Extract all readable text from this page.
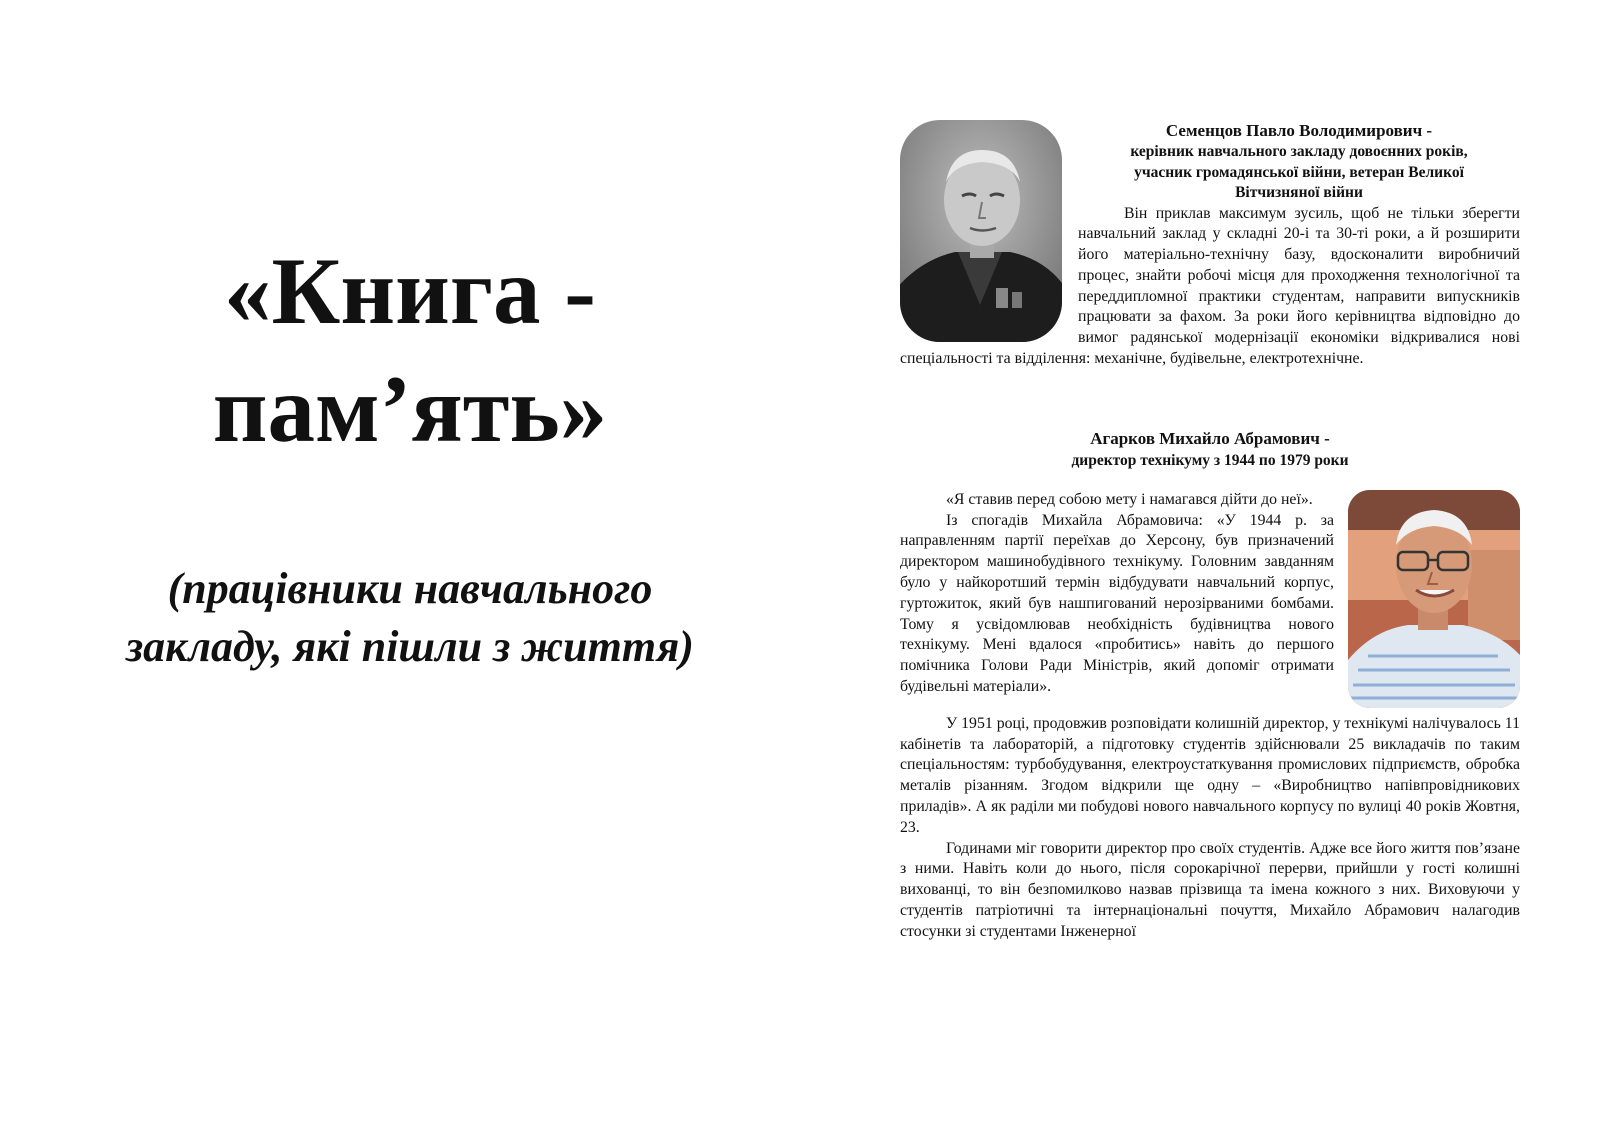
«Книга -
пам’ять»

(працівники навчального
закладу, які пішли з життя)

Семенцов Павло Володимирович -

керівник навчального закладу довоєнних років,
учасник громадянської війни, ветеран Великої
Вітчизняної війни

Він приклав максимум зусиль, щоб не тільки зберегти навчальний заклад у складні 20-і та 30-ті роки, а й розширити його матеріально-технічну базу, вдосконалити виробничий процес, знайти робочі місця для проходження технологічної та переддипломної практики студентам, направити випускників працювати за фахом. За роки його керівництва відповідно до вимог радянської модернізації економіки відкривалися нові спеціальності та відділення: механічне, будівельне, електротехнічне.

Агарков Михайло Абрамович -

директор технікуму з 1944 по 1979 роки

«Я ставив перед собою мету і намагався дійти до неї».

Із спогадів Михайла Абрамовича: «У 1944 р. за направленням партії переїхав до Херсону, був призначений директором машинобудівного технікуму. Головним завданням було у найкоротший термін відбудувати навчальний корпус, гуртожиток, який був нашпигований нерозірваними бомбами. Тому я усвідомлював необхідність будівництва нового технікуму. Мені вдалося «пробитись» навіть до першого помічника Голови Ради Міністрів, який допоміг отримати будівельні матеріали».

У 1951 році, продовжив розповідати колишній директор, у технікумі налічувалось 11 кабінетів та лабораторій, а підготовку студентів здійснювали 25 викладачів по таким спеціальностям: турбобудування, електроустаткування промислових підприємств, обробка металів різанням. Згодом відкрили ще одну – «Виробництво напівпровідникових приладів». А як раділи ми побудові нового навчального корпусу по вулиці 40 років Жовтня, 23.

Годинами міг говорити директор про своїх студентів. Адже все його життя пов’язане з ними. Навіть коли до нього, після сорокарічної перерви, прийшли у гості колишні вихованці, то він безпомилково назвав прізвища та імена кожного з них. Виховуючи у студентів патріотичні та інтернаціональні почуття, Михайло Абрамович налагодив стосунки зі студентами Інженерної
